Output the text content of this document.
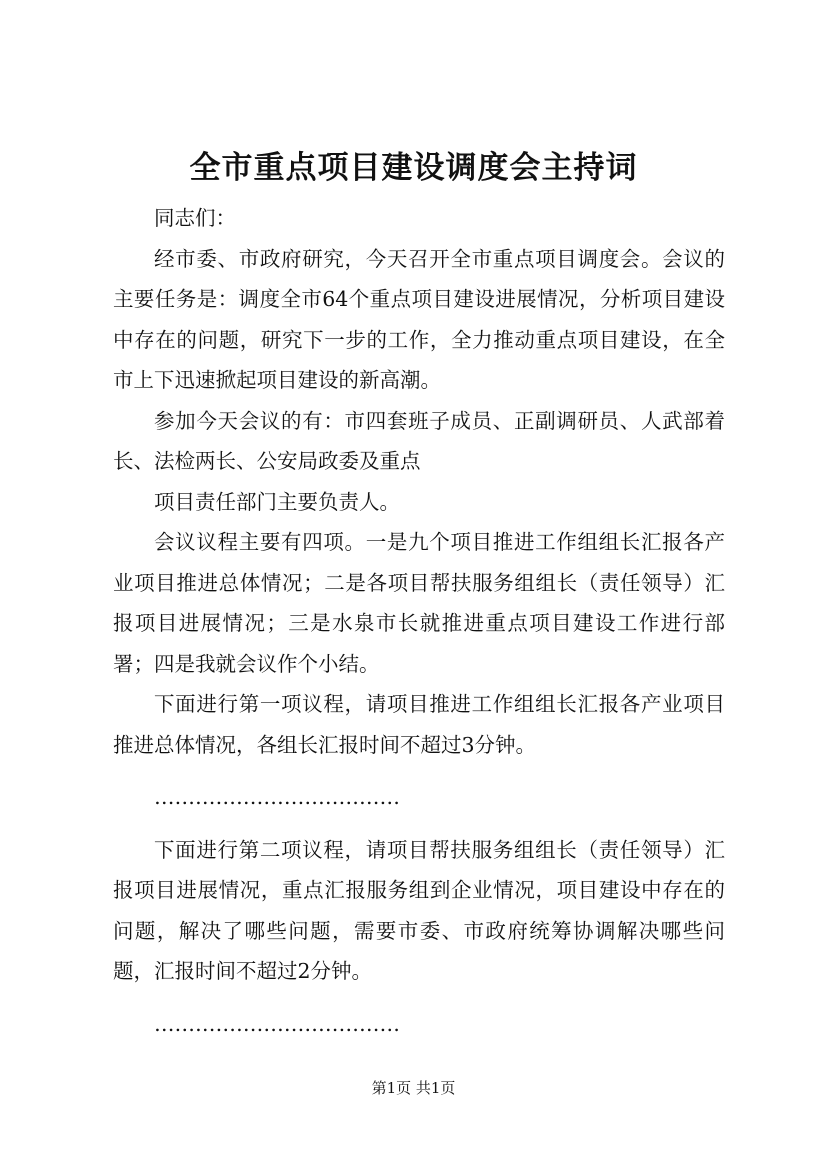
全市重点项目建设调度会主持词

同志们：

经市委、市政府研究，今天召开全市重点项目调度会。会议的主要任务是：调度全市64个重点项目建设进展情况，分析项目建设中存在的问题，研究下一步的工作，全力推动重点项目建设，在全市上下迅速掀起项目建设的新高潮。

参加今天会议的有：市四套班子成员、正副调研员、人武部着长、法检两长、公安局政委及重点

项目责任部门主要负责人。

会议议程主要有四项。一是九个项目推进工作组组长汇报各产业项目推进总体情况；二是各项目帮扶服务组组长（责任领导）汇报项目进展情况；三是水泉市长就推进重点项目建设工作进行部署；四是我就会议作个小结。

下面进行第一项议程，请项目推进工作组组长汇报各产业项目推进总体情况，各组长汇报时间不超过3分钟。

………………………………

下面进行第二项议程，请项目帮扶服务组组长（责任领导）汇报项目进展情况，重点汇报服务组到企业情况，项目建设中存在的问题，解决了哪些问题，需要市委、市政府统筹协调解决哪些问题，汇报时间不超过2分钟。

………………………………

第1页 共1页
